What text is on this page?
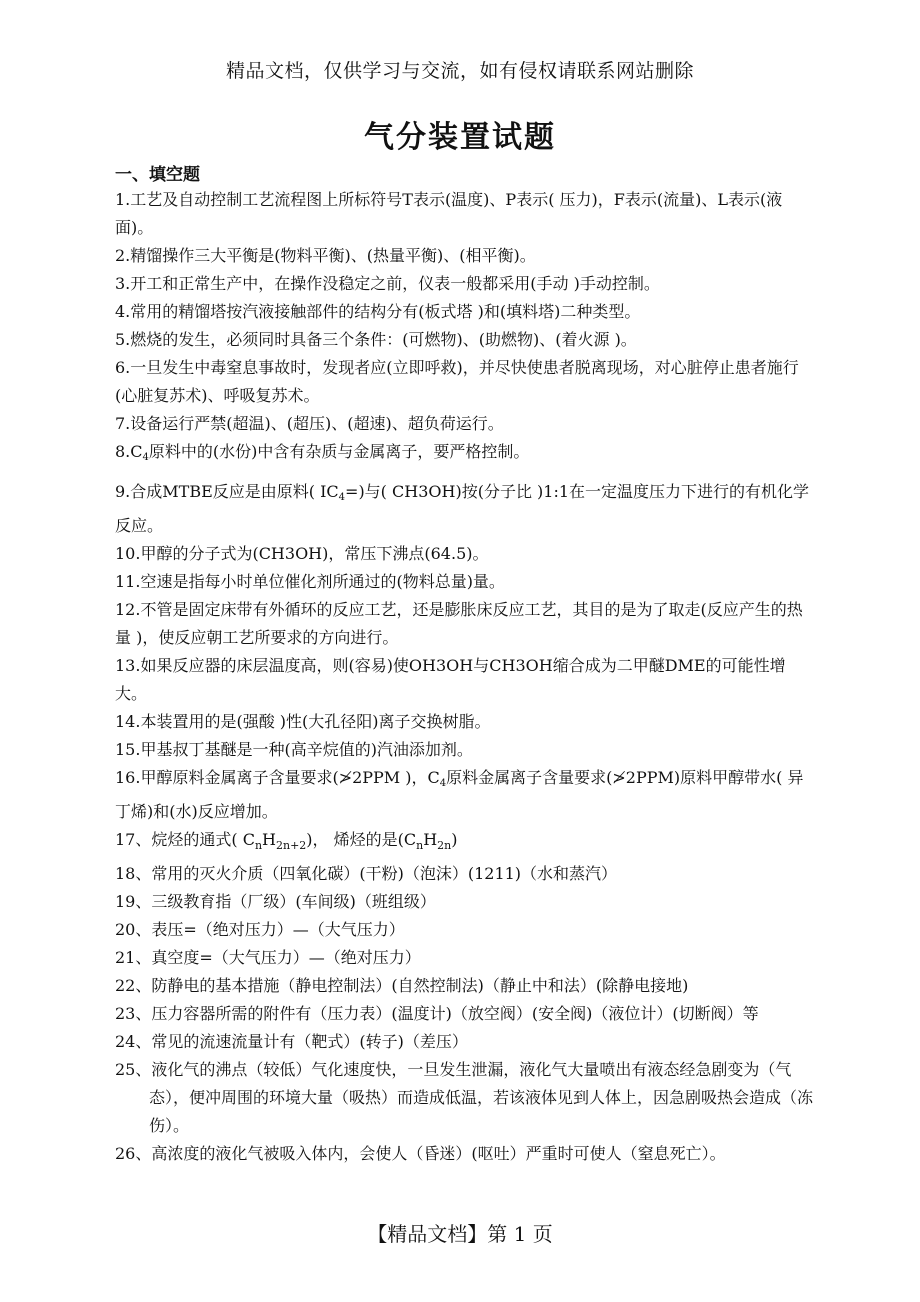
精品文档，仅供学习与交流，如有侵权请联系网站删除
气分装置试题
一、填空题

1.工艺及自动控制工艺流程图上所标符号T表示(温度)、P表示( 压力)，F表示(流量)、L表示(液面)。

2.精馏操作三大平衡是(物料平衡)、(热量平衡)、(相平衡)。

3.开工和正常生产中，在操作没稳定之前，仪表一般都采用(手动 )手动控制。

4.常用的精馏塔按汽液接触部件的结构分有(板式塔 )和(填料塔)二种类型。

5.燃烧的发生，必须同时具备三个条件：(可燃物)、(助燃物)、(着火源 )。

6.一旦发生中毒窒息事故时，发现者应(立即呼救)，并尽快使患者脱离现场，对心脏停止患者施行(心脏复苏术)、呼吸复苏术。

7.设备运行严禁(超温)、(超压)、(超速)、超负荷运行。

$8.C_4$原料中的(水份)中含有杂质与金属离子，要严格控制。

9.合成MTBE反应是由原料( $IC_4=$)与( CH3OH)按(分子比 )1:1在一定温度压力下进行的有机化学反应。

10.甲醇的分子式为(CH3OH)，常压下沸点(64.5)。

11.空速是指每小时单位催化剂所通过的(物料总量)量。

12.不管是固定床带有外循环的反应工艺，还是膨胀床反应工艺，其目的是为了取走(反应产生的热量 )，使反应朝工艺所要求的方向进行。

13.如果反应器的床层温度高，则(容易)使OH3OH与CH3OH缩合成为二甲醚DME的可能性增大。

14.本装置用的是(强酸 )性(大孔径阳)离子交换树脂。

15.甲基叔丁基醚是一种(高辛烷值的)汽油添加剂。

16.甲醇原料金属离子含量要求(≯2PPM )，$C_4$原料金属离子含量要求(≯2PPM)原料甲醇带水( 异丁烯)和(水)反应增加。

17、烷烃的通式( $C_nH_{2n+2}$)， 烯烃的是$(C_nH_{2n})$

18、常用的灭火介质（四氧化碳）(干粉)（泡沫）(1211)（水和蒸汽）

19、三级教育指（厂级）(车间级)（班组级）

20、表压=（绝对压力）—（大气压力）

21、真空度=（大气压力）—（绝对压力）

22、防静电的基本措施（静电控制法）(自然控制法)（静止中和法）(除静电接地)

23、压力容器所需的附件有（压力表）(温度计)（放空阀）(安全阀)（液位计）(切断阀）等

24、常见的流速流量计有（靶式）(转子)（差压）

25、液化气的沸点（较低）气化速度快，一旦发生泄漏，液化气大量喷出有液态经急剧变为（气态），便冲周围的环境大量（吸热）而造成低温，若该液体见到人体上，因急剧吸热会造成（冻伤）。

26、高浓度的液化气被吸入体内，会使人（昏迷）(呕吐）严重时可使人（窒息死亡）。

【精品文档】第 1 页
